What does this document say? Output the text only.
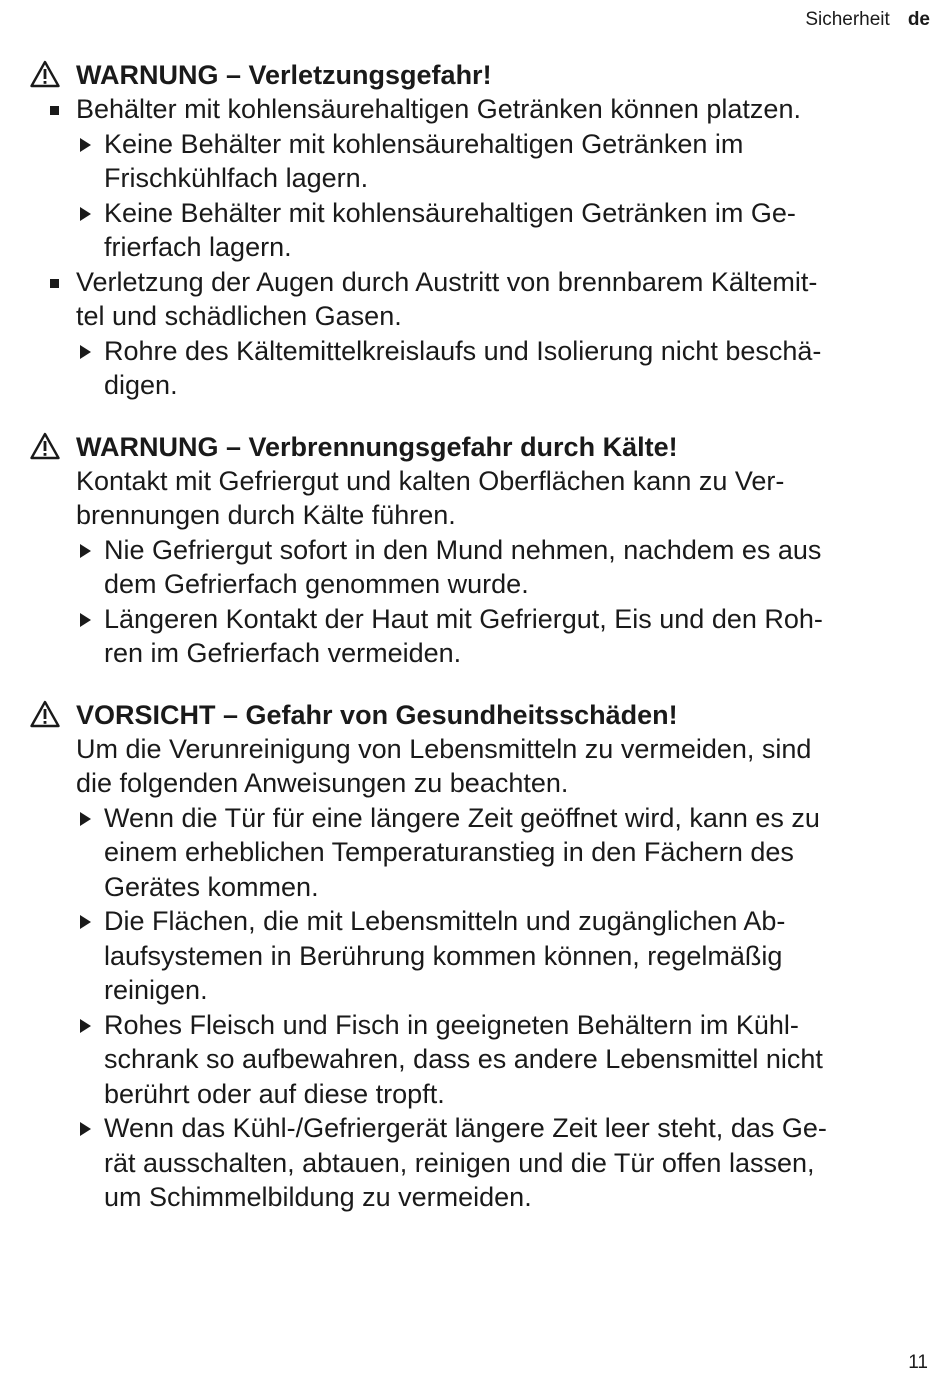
Sicherheit de
WARNUNG – Verletzungsgefahr!
Behälter mit kohlensäurehaltigen Getränken können platzen.
Keine Behälter mit kohlensäurehaltigen Getränken im
Frischkühlfach lagern.
Keine Behälter mit kohlensäurehaltigen Getränken im Ge-
frierfach lagern.
Verletzung der Augen durch Austritt von brennbarem Kältemit-
tel und schädlichen Gasen.
Rohre des Kältemittelkreislaufs und Isolierung nicht beschä-
digen.
WARNUNG – Verbrennungsgefahr durch Kälte!
Kontakt mit Gefriergut und kalten Oberflächen kann zu Ver-
brennungen durch Kälte führen.
Nie Gefriergut sofort in den Mund nehmen, nachdem es aus
dem Gefrierfach genommen wurde.
Längeren Kontakt der Haut mit Gefriergut, Eis und den Roh-
ren im Gefrierfach vermeiden.
VORSICHT – Gefahr von Gesundheitsschäden!
Um die Verunreinigung von Lebensmitteln zu vermeiden, sind
die folgenden Anweisungen zu beachten.
Wenn die Tür für eine längere Zeit geöffnet wird, kann es zu
einem erheblichen Temperaturanstieg in den Fächern des
Gerätes kommen.
Die Flächen, die mit Lebensmitteln und zugänglichen Ab-
laufsystemen in Berührung kommen können, regelmäßig
reinigen.
Rohes Fleisch und Fisch in geeigneten Behältern im Kühl-
schrank so aufbewahren, dass es andere Lebensmittel nicht
berührt oder auf diese tropft.
Wenn das Kühl-/Gefriergerät längere Zeit leer steht, das Ge-
rät ausschalten, abtauen, reinigen und die Tür offen lassen,
um Schimmelbildung zu vermeiden.
11
